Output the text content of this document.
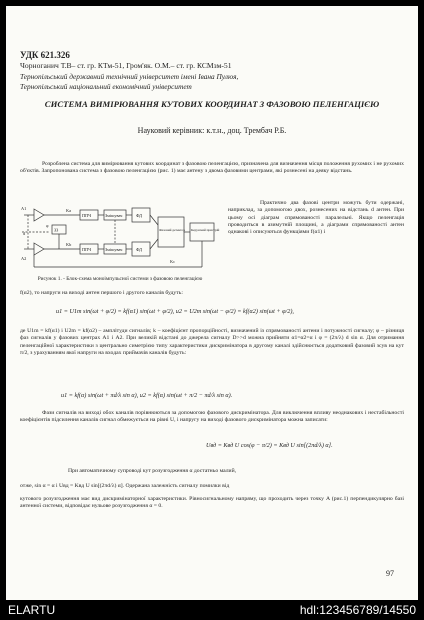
УДК 621.326
Чорноганич Т.В– ст. гр. КТм-51, Гром'як. О.М.– ст. гр. КСМзм-51
Тернопільський державний технічний університет імені Івана Пулюя,
Тернопільський національний економічний університет
СИСТЕМА ВИМІРЮВАННЯ КУТОВИХ КООРДИНАТ З ФАЗОВОЮ ПЕЛЕНГАЦІЄЮ
Науковий керівник: к.т.н., доц. Трембач Р.Б.

Розроблена система для вимірювання кутових координат з фазовою пеленгацією, призначена для визначення місця положення рухомих і не рухомих об'єктів. Запропонована система з фазовою пеленгацією (рис. 1) має антену з двома фазовими центрами, які рознесені на деяку відстань.

ЗЗ
ППЧ	Змішувач
ППЧ	Змішувач
ФД
ФД
Фазовий детектор Керуючий пристрій
A1
A2
d
φ
Ka
Kb
Kc
Рисунок 1. - Блок-схема моноімпульсної системи з фазовою пеленгацією

Практично два фазові центри можуть бути одержані, наприклад, за допомогою двох, рознесених на відстань d антен. При цьому осі діаграм спрямованості паралельні. Якщо пеленгація проводиться в азимутній площині, а діаграми спрямованості антен однакові і описуються функціями f(α1) і

f(α2), то напруги на виході антен першого і другого каналів будуть:

u1 = U1m sin(ωt + φ/2) = kf(α1) sin(ωt + φ/2), u2 = U2m sin(ωt − φ/2) = kf(α2) sin(ωt + φ/2),

де U1m = kf(α1) і U2m = kf(α2) – амплітуди сигналів; k – коефіцієнт пропорційності, визначений із спрямованості антени і потужності сигналу; φ – різниця фаз сигналів у фазових центрах A1 і A2. При великій відстані до джерела сигналу D>>d можна прийняти α1=α2=α і φ = (2π/λ) d sin α. Для отримання пеленгаційної характеристики з центрально симетрією типу характеристики дискримінатора в другому каналі здійснюється додатковий фазовий зсув на кут π/2, з урахуванням якої напруги на входах приймачів каналів будуть:

u1 = kf(α) sin(ωt + πd/λ sin α), u2 = kf(α) sin(ωt + π/2 − πd/λ sin α).

Фази сигналів на виході обох каналів порівнюються за допомогою фазового дискримінатора. Для виключення впливу неоднакових і нестабільності коефіцієнтів підсилення каналів сигнал обмежується на рівні U, і напругу на виході фазового дискримінатора можна записати:

Uвд = Kвд U cos(φ − π/2) = Kвд U sin[(2πd/λ) α].

При автоматичному супроводі кут розузгодження α достатньо малий,

отже, sin α = α і Uвд = Kвд U sin[(2πd/λ) α]. Одержана залежність сигналу помилки від

кутового розузгодження має вид дискримінаторної характеристики. Рівносигнальному напряму, що проходить через точку A (рис.1) перпендикулярно базі антенної системи, відповідає нульове розузгодження α = 0.

97
ELARTU	hdl:123456789/14550
